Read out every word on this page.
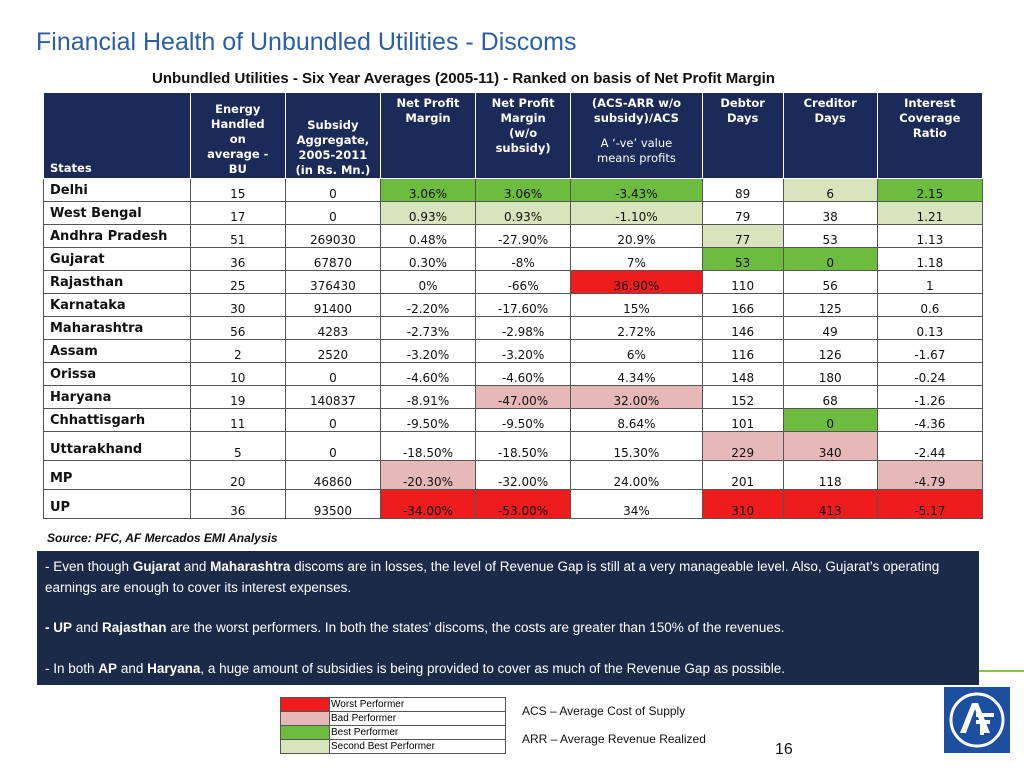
Financial Health of Unbundled Utilities - Discoms
Unbundled Utilities - Six Year Averages (2005-11) - Ranked on basis of Net Profit Margin
States	Energy
Handled
on
average -
BU	Subsidy
Aggregate,
2005-2011
(in Rs. Mn.)	Net Profit
Margin	Net Profit
Margin
(w/o
subsidy)	(ACS-ARR w/o
subsidy)/ACS
A ‘-ve’ value
means profits	Debtor
Days	Creditor
Days	Interest
Coverage
Ratio
Delhi	15	0	3.06%	3.06%	-3.43%	89	6	2.15
West Bengal	17	0	0.93%	0.93%	-1.10%	79	38	1.21
Andhra Pradesh	51	269030	0.48%	-27.90%	20.9%	77	53	1.13
Gujarat	36	67870	0.30%	-8%	7%	53	0	1.18
Rajasthan	25	376430	0%	-66%	36.90%	110	56	1
Karnataka	30	91400	-2.20%	-17.60%	15%	166	125	0.6
Maharashtra	56	4283	-2.73%	-2.98%	2.72%	146	49	0.13
Assam	2	2520	-3.20%	-3.20%	6%	116	126	-1.67
Orissa	10	0	-4.60%	-4.60%	4.34%	148	180	-0.24
Haryana	19	140837	-8.91%	-47.00%	32.00%	152	68	-1.26
Chhattisgarh	11	0	-9.50%	-9.50%	8.64%	101	0	-4.36
Uttarakhand	5	0	-18.50%	-18.50%	15.30%	229	340	-2.44
MP	20	46860	-20.30%	-32.00%	24.00%	201	118	-4.79
UP	36	93500	-34.00%	-53.00%	34%	310	413	-5.17
Source: PFC, AF Mercados EMI Analysis

- Even though Gujarat and Maharashtra discoms are in losses, the level of Revenue Gap is still at a very manageable level. Also, Gujarat’s operating earnings are enough to cover its interest expenses.

- UP and Rajasthan are the worst performers. In both the states’ discoms, the costs are greater than 150% of the revenues.

- In both AP and Haryana, a huge amount of subsidies is being provided to cover as much of the Revenue Gap as possible.

	Worst Performer
	Bad Performer
	Best Performer
	Second Best Performer
ACS – Average Cost of Supply
ARR – Average Revenue Realized
16
